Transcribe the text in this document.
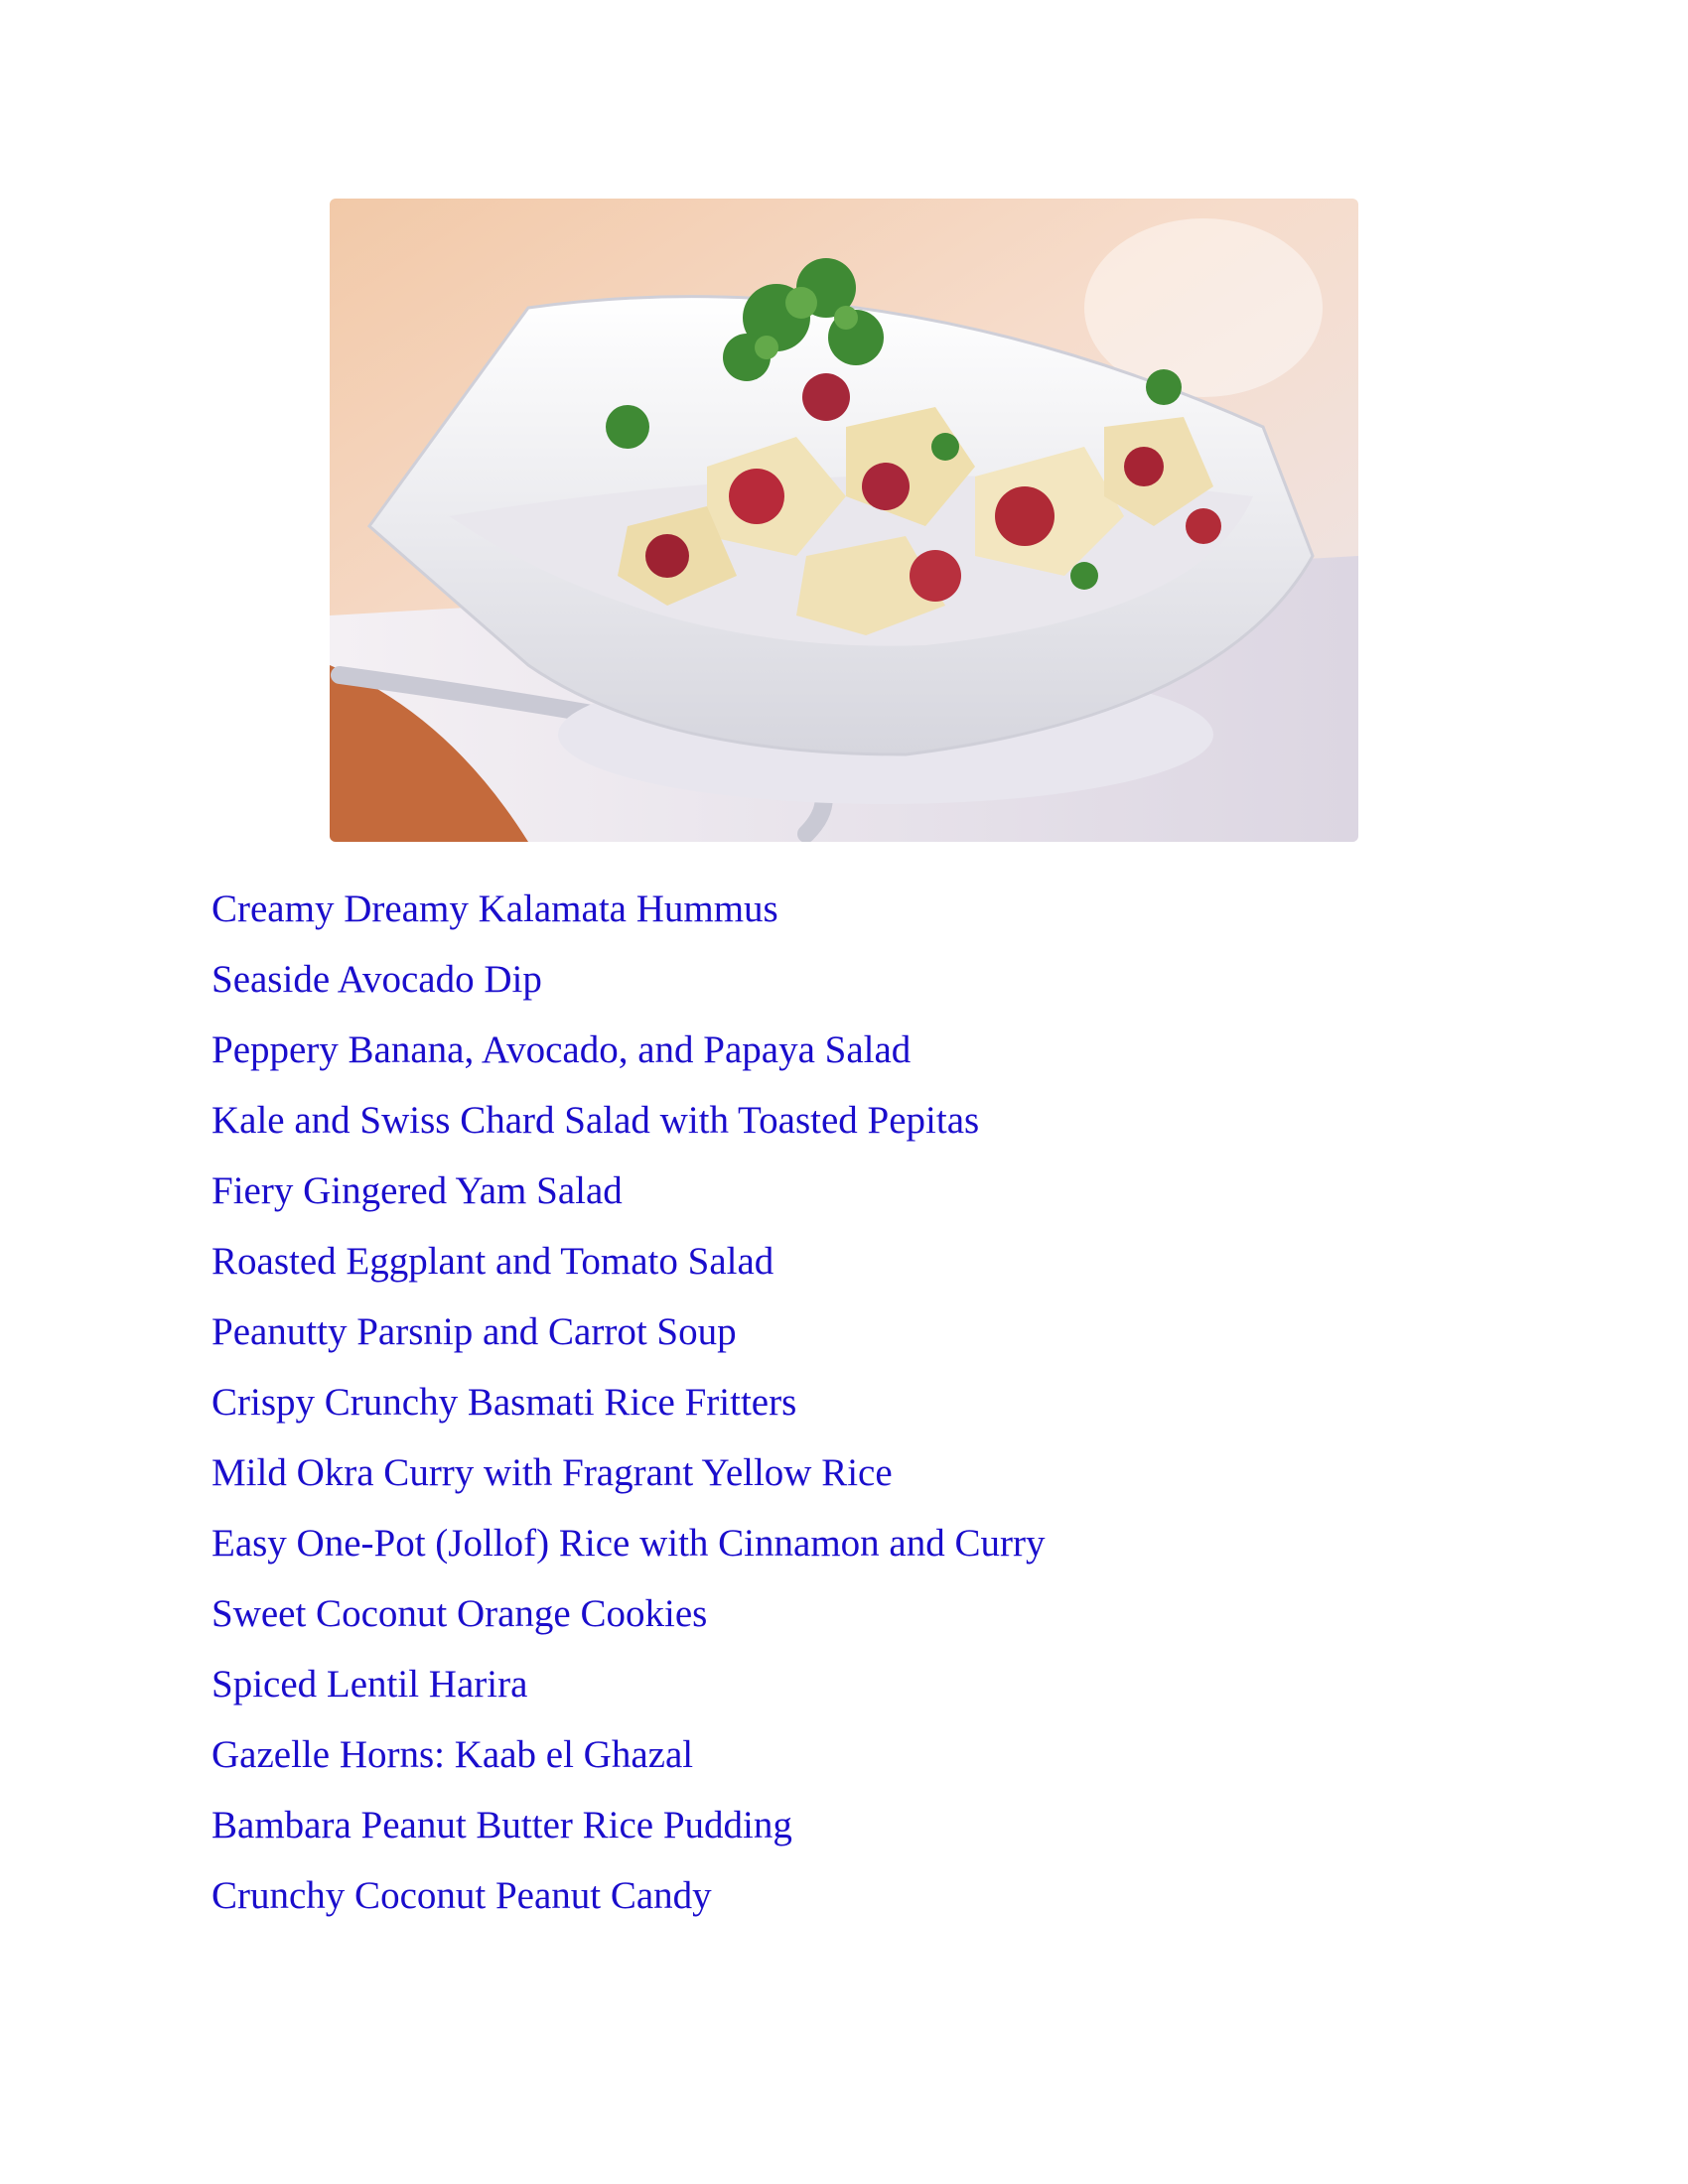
Creamy Dreamy Kalamata Hummus
Seaside Avocado Dip
Peppery Banana, Avocado, and Papaya Salad
Kale and Swiss Chard Salad with Toasted Pepitas
Fiery Gingered Yam Salad
Roasted Eggplant and Tomato Salad
Peanutty Parsnip and Carrot Soup
Crispy Crunchy Basmati Rice Fritters
Mild Okra Curry with Fragrant Yellow Rice
Easy One-Pot (Jollof) Rice with Cinnamon and Curry
Sweet Coconut Orange Cookies
Spiced Lentil Harira
Gazelle Horns: Kaab el Ghazal
Bambara Peanut Butter Rice Pudding
Crunchy Coconut Peanut Candy
